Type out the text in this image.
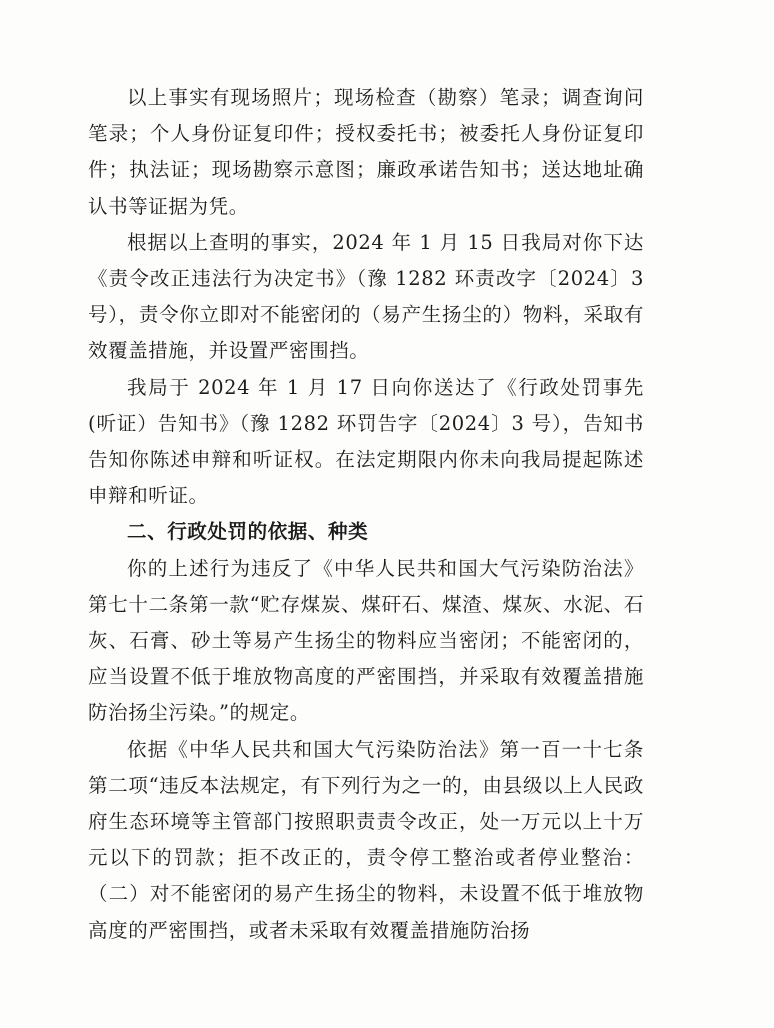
以上事实有现场照片；现场检查（勘察）笔录；调查询问笔录；个人身份证复印件；授权委托书；被委托人身份证复印件；执法证；现场勘察示意图；廉政承诺告知书；送达地址确认书等证据为凭。

根据以上查明的事实，2024 年 1 月 15 日我局对你下达《责令改正违法行为决定书》（豫 1282 环责改字〔2024〕3 号），责令你立即对不能密闭的（易产生扬尘的）物料，采取有效覆盖措施，并设置严密围挡。

我局于 2024 年 1 月 17 日向你送达了《行政处罚事先(听证）告知书》（豫 1282 环罚告字〔2024〕3 号），告知书告知你陈述申辩和听证权。在法定期限内你未向我局提起陈述申辩和听证。

二、行政处罚的依据、种类

你的上述行为违反了《中华人民共和国大气污染防治法》第七十二条第一款“贮存煤炭、煤矸石、煤渣、煤灰、水泥、石灰、石膏、砂土等易产生扬尘的物料应当密闭；不能密闭的，应当设置不低于堆放物高度的严密围挡，并采取有效覆盖措施防治扬尘污染。”的规定。

依据《中华人民共和国大气污染防治法》第一百一十七条第二项“违反本法规定，有下列行为之一的，由县级以上人民政府生态环境等主管部门按照职责责令改正，处一万元以上十万元以下的罚款；拒不改正的，责令停工整治或者停业整治：（二）对不能密闭的易产生扬尘的物料，未设置不低于堆放物高度的严密围挡，或者未采取有效覆盖措施防治扬
